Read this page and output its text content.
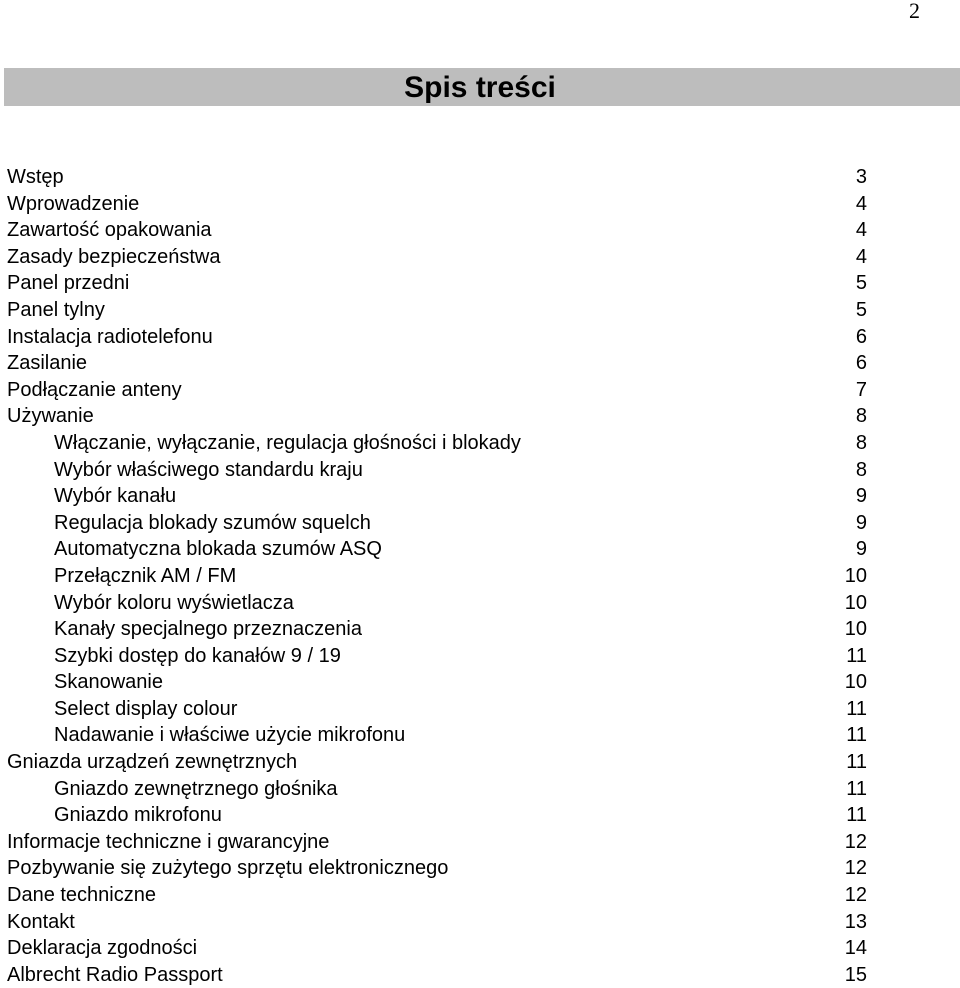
2
Spis treści
Wstęp	3
Wprowadzenie	4
Zawartość opakowania	4
Zasady bezpieczeństwa	4
Panel przedni	5
Panel tylny	5
Instalacja radiotelefonu	6
Zasilanie	6
Podłączanie anteny	7
Używanie	8
Włączanie, wyłączanie, regulacja głośności i blokady	8
Wybór właściwego standardu kraju	8
Wybór kanału	9
Regulacja blokady szumów squelch	9
Automatyczna blokada szumów ASQ	9
Przełącznik AM / FM	10
Wybór koloru wyświetlacza	10
Kanały specjalnego przeznaczenia	10
Szybki dostęp do kanałów 9 / 19	11
Skanowanie	10
Select display colour	11
Nadawanie i właściwe użycie mikrofonu	11
Gniazda urządzeń zewnętrznych	11
Gniazdo zewnętrznego głośnika	11
Gniazdo mikrofonu	11
Informacje techniczne i gwarancyjne	12
Pozbywanie się zużytego sprzętu elektronicznego	12
Dane techniczne	12
Kontakt	13
Deklaracja zgodności	14
Albrecht Radio Passport	15
